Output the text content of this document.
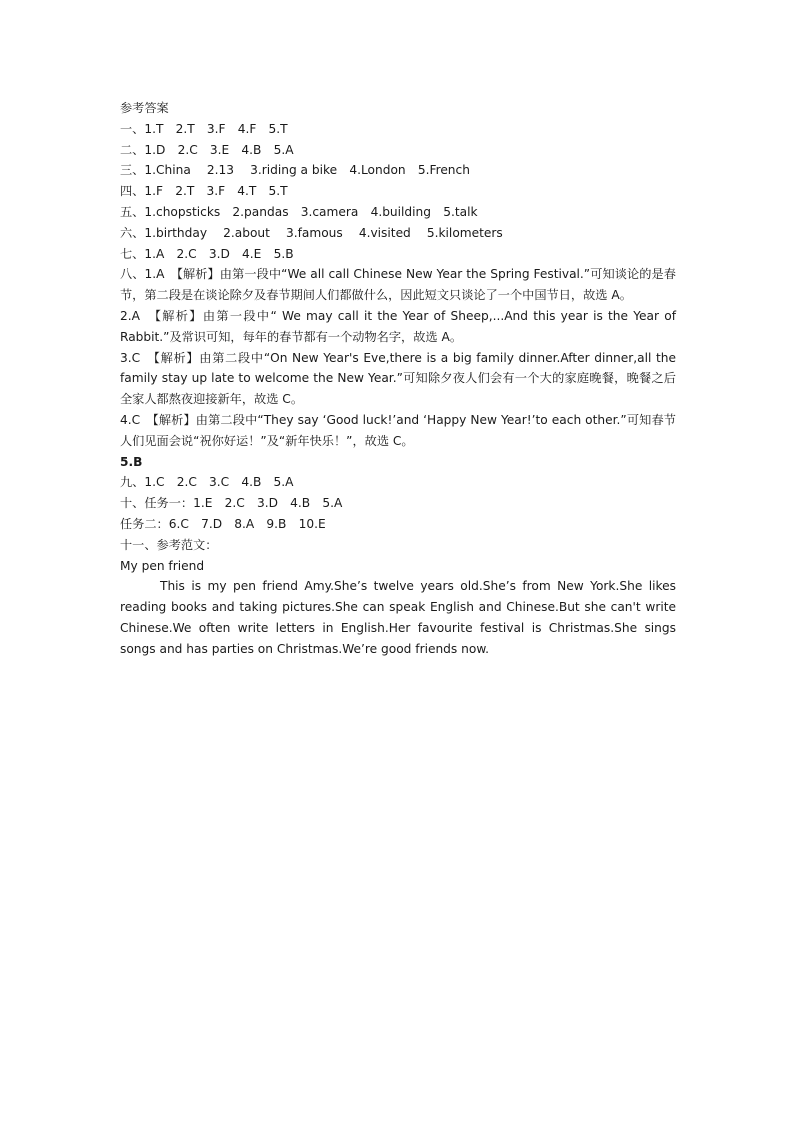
参考答案

一、1.T　2.T　3.F　4.F　5.T

二、1.D　2.C　3.E　4.B　5.A

三、1.China　 2.13　 3.riding a bike　4.London　5.French

四、1.F　2.T　3.F　4.T　5.T

五、1.chopsticks　2.pandas　3.camera　4.building　5.talk

六、1.birthday　 2.about　 3.famous　 4.visited　 5.kilometers

七、1.A　2.C　3.D　4.E　5.B

八、1.A　【解析】由第一段中“We all call Chinese New Year the Spring Festival.”可知谈论的是春节，第二段是在谈论除夕及春节期间人们都做什么，因此短文只谈论了一个中国节日，故选 A。

2.A　【解析】由第一段中“ We may call it the Year of Sheep,...And this year is the Year of Rabbit.”及常识可知，每年的春节都有一个动物名字，故选 A。

3.C　【解析】由第二段中“On New Year's Eve,there is a big family dinner.After dinner,all the family stay up late to welcome the New Year.”可知除夕夜人们会有一个大的家庭晚餐，晚餐之后全家人都熬夜迎接新年，故选 C。

4.C　【解析】由第二段中“They say ‘Good luck!’and ‘Happy New Year!’to each other.”可知春节人们见面会说“祝你好运！”及“新年快乐！”，故选 C。

5.B

九、1.C　2.C　3.C　4.B　5.A

十、任务一：1.E　2.C　3.D　4.B　5.A

任务二：6.C　7.D　8.A　9.B　10.E

十一、参考范文：

My pen friend

This is my pen friend Amy.She’s twelve years old.She’s from New York.She likes reading books and taking pictures.She can speak English and Chinese.But she can't write Chinese.We often write letters in English.Her favourite festival is Christmas.She sings songs and has parties on Christmas.We’re good friends now.
